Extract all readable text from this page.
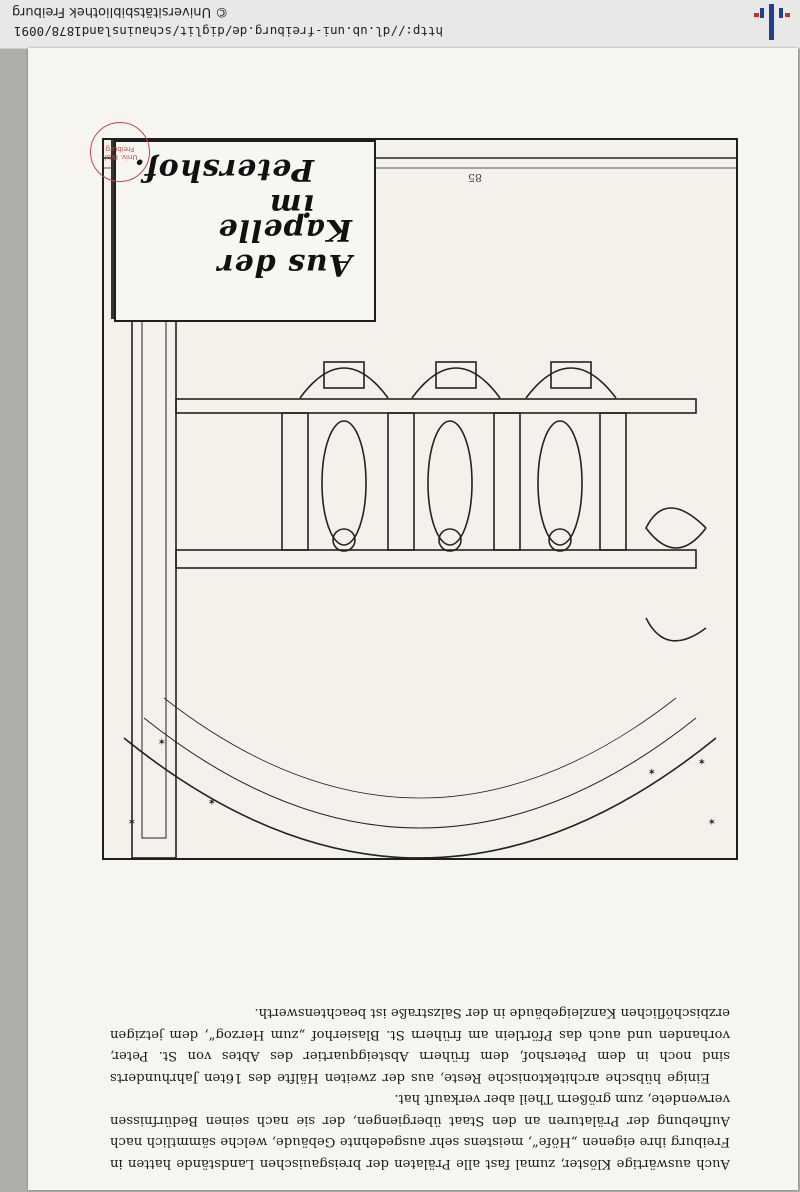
http://dl.ub.uni-freiburg.de/diglit/schauinsland1878/0091
© Universitätsbibliothek Freiburg

Auch auswärtige Klöster, zumal fast alle Prälaten der breisgauischen Landstände hatten in Freiburg ihre eigenen „Höfe“, meistens sehr ausgedehnte Gebäude, welche sämmtlich nach Aufhebung der Prälaturen an den Staat übergiengen, der sie nach seinen Bedürfnissen verwendete, zum größern Theil aber verkauft hat.

Einige hübsche architektonische Reste, aus der zweiten Hälfte des 16ten Jahrhunderts sind noch in dem Petershof, dem frühern Absteigquartier des Abtes von St. Peter, vorhanden und auch das Pförtlein am frühern St. Blasierhof „zum Herzog“, dem jetzigen erzbischöflichen Kanzleigebäude in der Salzstraße ist beachtenswerth.

✶
✶
✶
✶
✶
✶
Aus der Kapelle
im Petershof.	85
Univ. Bibl. Freiburg
